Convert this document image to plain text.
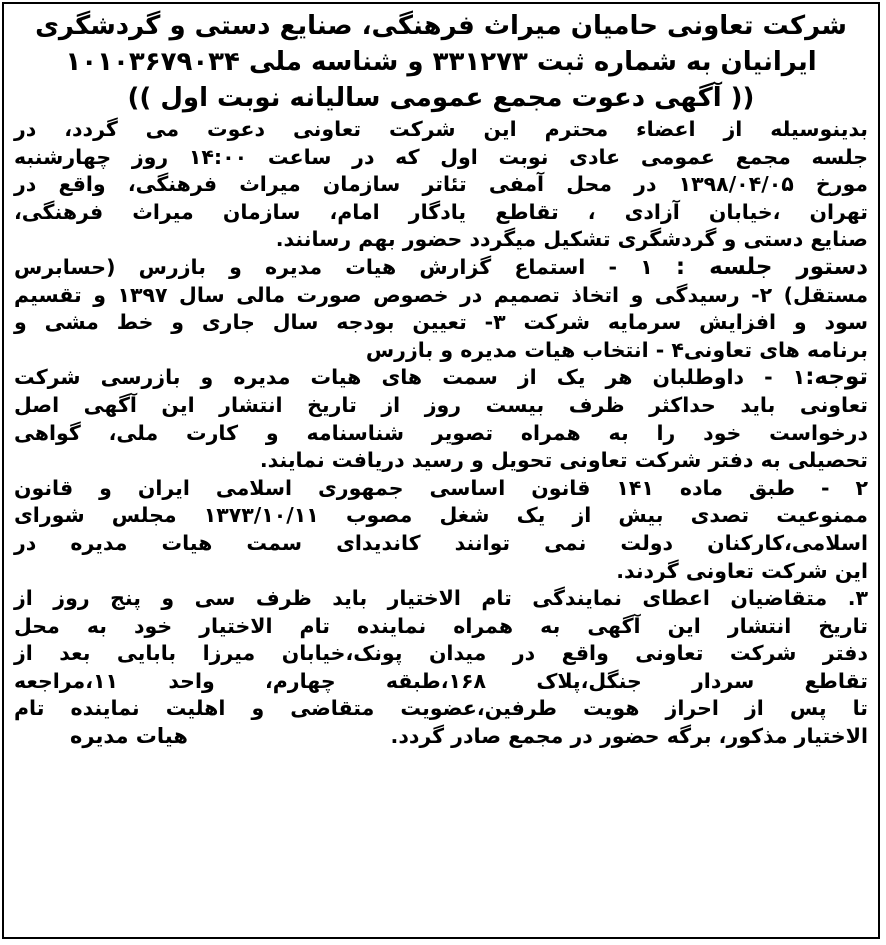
شرکت تعاونی حامیان میراث فرهنگی، صنایع دستی و گردشگری
ایرانیان به شماره ثبت ۳۳۱۲۷۳ و شناسه ملی ۱۰۱۰۳۶۷۹۰۳۴
(( آگهی دعوت مجمع عمومی سالیانه نوبت اول ))
بدینوسیله از اعضاء محترم این شرکت تعاونی دعوت می گردد، در
جلسه مجمع عمومی عادی نوبت اول که در ساعت ۱۴:۰۰ روز چهارشنبه
مورخ ۱۳۹۸/۰۴/۰۵ در محل آمفی تئاتر سازمان میراث فرهنگی، واقع در
تهران ،خیابان آزادی ، تقاطع یادگار امام، سازمان میراث فرهنگی،
صنایع دستی و گردشگری تشکیل میگردد حضور بهم رسانند.
دستور جلسه : ۱ - استماع گزارش هیات مدیره و بازرس (حسابرس
مستقل) ۲- رسیدگی و اتخاذ تصمیم در خصوص صورت مالی سال ۱۳۹۷ و تقسیم
سود و افزایش سرمایه شرکت ۳- تعیین بودجه سال جاری و خط مشی و
برنامه های تعاونی۴ - انتخاب هیات مدیره و بازرس
توجه:۱ - داوطلبان هر یک از سمت های هیات مدیره و بازرسی شرکت
تعاونی باید حداکثر ظرف بیست روز از تاریخ انتشار این آگهی اصل
درخواست خود را به همراه تصویر شناسنامه و کارت ملی، گواهی
تحصیلی به دفتر شرکت تعاونی تحویل و رسید دریافت نمایند.
۲ - طبق ماده ۱۴۱ قانون اساسی جمهوری اسلامی ایران و قانون
ممنوعیت تصدی بیش از یک شغل مصوب ۱۳۷۳/۱۰/۱۱ مجلس شورای
اسلامی،کارکنان دولت نمی توانند کاندیدای سمت هیات مدیره در
این شرکت تعاونی گردند.
۳. متقاضیان اعطای نمایندگی تام الاختیار باید ظرف سی و پنج روز از
تاریخ انتشار این آگهی به همراه نماینده تام الاختیار خود به محل
دفتر شرکت تعاونی واقع در میدان پونک،خیابان میرزا بابایی بعد از
تقاطع سردار جنگل،پلاک ۱۶۸،طبقه چهارم، واحد ۱۱،مراجعه
تا پس از احراز هویت طرفین،عضویت متقاضی و اهلیت نماینده تام
الاختیار مذکور، برگه حضور در مجمع صادر گردد.
هیات مدیره
